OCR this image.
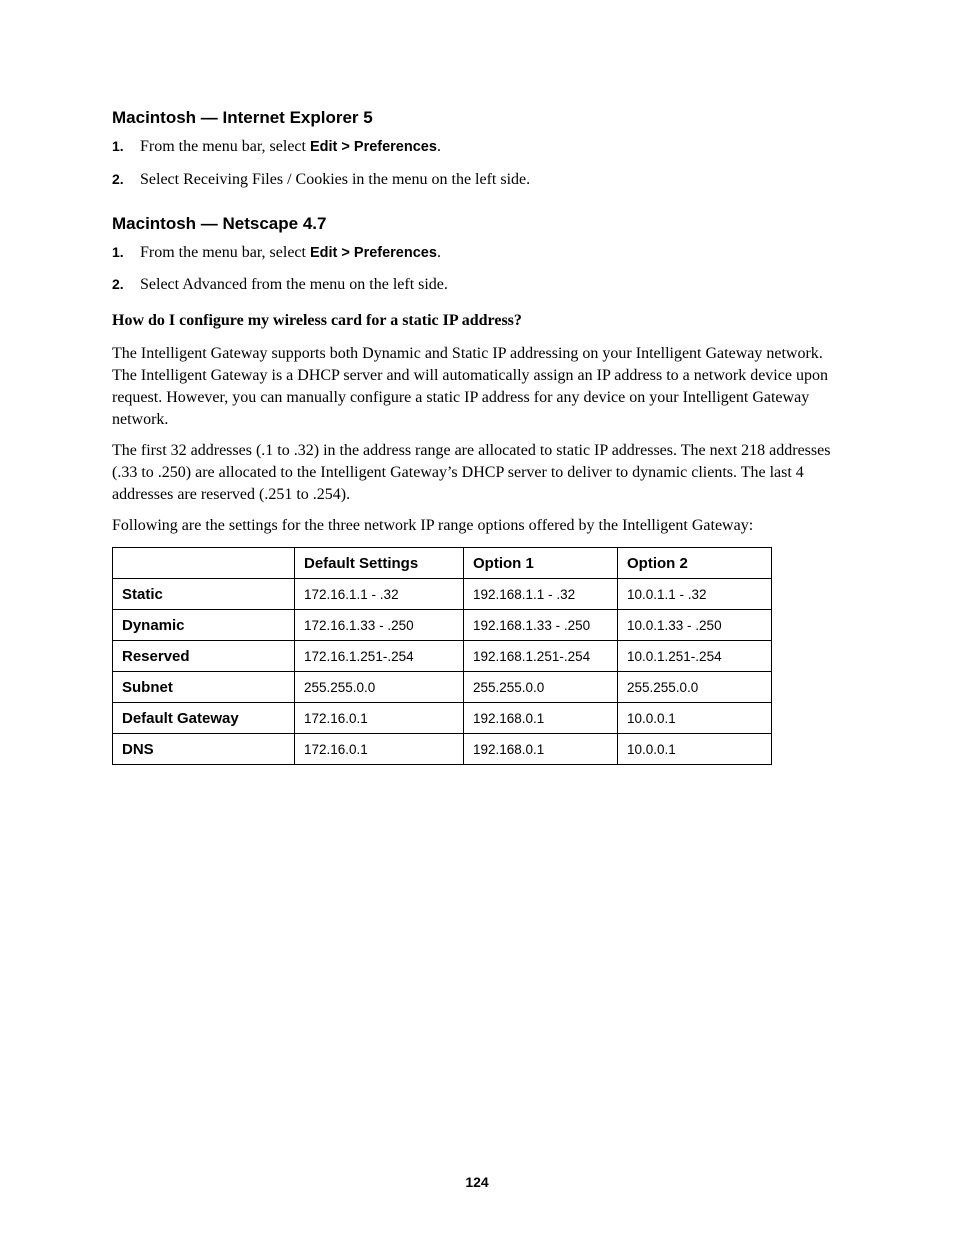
Macintosh — Internet Explorer 5
1. From the menu bar, select Edit > Preferences.
2. Select Receiving Files / Cookies in the menu on the left side.
Macintosh — Netscape 4.7
1. From the menu bar, select Edit > Preferences.
2. Select Advanced from the menu on the left side.
How do I configure my wireless card for a static IP address?

The Intelligent Gateway supports both Dynamic and Static IP addressing on your Intelligent Gateway network. The Intelligent Gateway is a DHCP server and will automatically assign an IP address to a network device upon request. However, you can manually configure a static IP address for any device on your Intelligent Gateway network.

The first 32 addresses (.1 to .32) in the address range are allocated to static IP addresses. The next 218 addresses (.33 to .250) are allocated to the Intelligent Gateway’s DHCP server to deliver to dynamic clients. The last 4 addresses are reserved (.251 to .254).

Following are the settings for the three network IP range options offered by the Intelligent Gateway:

	Default Settings	Option 1	Option 2
Static	172.16.1.1 - .32	192.168.1.1 - .32	10.0.1.1 - .32
Dynamic	172.16.1.33 - .250	192.168.1.33 - .250	10.0.1.33 - .250
Reserved	172.16.1.251-.254	192.168.1.251-.254	10.0.1.251-.254
Subnet	255.255.0.0	255.255.0.0	255.255.0.0
Default Gateway	172.16.0.1	192.168.0.1	10.0.0.1
DNS	172.16.0.1	192.168.0.1	10.0.0.1
124
